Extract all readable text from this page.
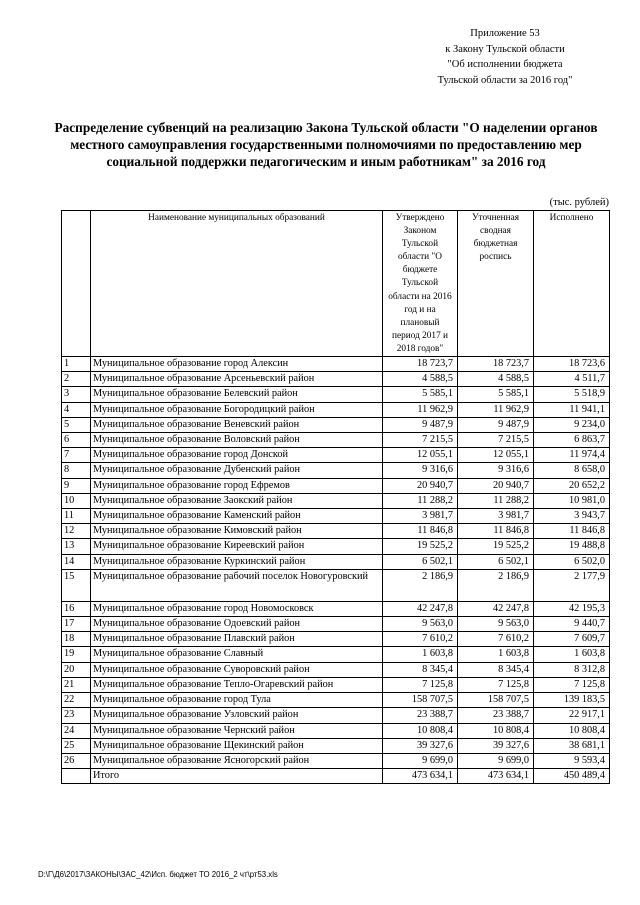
Приложение 53
к Закону Тульской области
"Об исполнении бюджета
Тульской области за 2016 год"
Распределение субвенций на реализацию Закона Тульской области "О наделении органов местного самоуправления государственными полномочиями по предоставлению мер социальной поддержки педагогическим и иным работникам" за 2016 год
(тыс. рублей)
	Наименование муниципальных образований	Утверждено Законом Тульской области "О бюджете Тульской области на 2016 год и на плановый период 2017 и 2018 годов"	Уточненная сводная бюджетная роспись	Исполнено
1	Муниципальное образование город Алексин	18 723,7	18 723,7	18 723,6
2	Муниципальное образование Арсеньевский район	4 588,5	4 588,5	4 511,7
3	Муниципальное образование Белевский район	5 585,1	5 585,1	5 518,9
4	Муниципальное образование Богородицкий район	11 962,9	11 962,9	11 941,1
5	Муниципальное образование Веневский район	9 487,9	9 487,9	9 234,0
6	Муниципальное образование Воловский район	7 215,5	7 215,5	6 863,7
7	Муниципальное образование город Донской	12 055,1	12 055,1	11 974,4
8	Муниципальное образование Дубенский район	9 316,6	9 316,6	8 658,0
9	Муниципальное образование город Ефремов	20 940,7	20 940,7	20 652,2
10	Муниципальное образование Заокский район	11 288,2	11 288,2	10 981,0
11	Муниципальное образование Каменский район	3 981,7	3 981,7	3 943,7
12	Муниципальное образование Кимовский район	11 846,8	11 846,8	11 846,8
13	Муниципальное образование Киреевский район	19 525,2	19 525,2	19 488,8
14	Муниципальное образование Куркинский район	6 502,1	6 502,1	6 502,0
15	Муниципальное образование рабочий поселок Новогуровский	2 186,9	2 186,9	2 177,9
16	Муниципальное образование город Новомосковск	42 247,8	42 247,8	42 195,3
17	Муниципальное образование Одоевский район	9 563,0	9 563,0	9 440,7
18	Муниципальное образование Плавский район	7 610,2	7 610,2	7 609,7
19	Муниципальное образование Славный	1 603,8	1 603,8	1 603,8
20	Муниципальное образование Суворовский район	8 345,4	8 345,4	8 312,8
21	Муниципальное образование Тепло-Огаревский район	7 125,8	7 125,8	7 125,8
22	Муниципальное образование город Тула	158 707,5	158 707,5	139 183,5
23	Муниципальное образование Узловский район	23 388,7	23 388,7	22 917,1
24	Муниципальное образование Чернский район	10 808,4	10 808,4	10 808,4
25	Муниципальное образование Щекинский район	39 327,6	39 327,6	38 681,1
26	Муниципальное образование Ясногорский район	9 699,0	9 699,0	9 593,4
	Итого	473 634,1	473 634,1	450 489,4
D:\Г\Д6\2017\ЗАКОНЫ\ЗАС_42\Исп. бюджет ТО 2016_2 чт\рт53.xls
